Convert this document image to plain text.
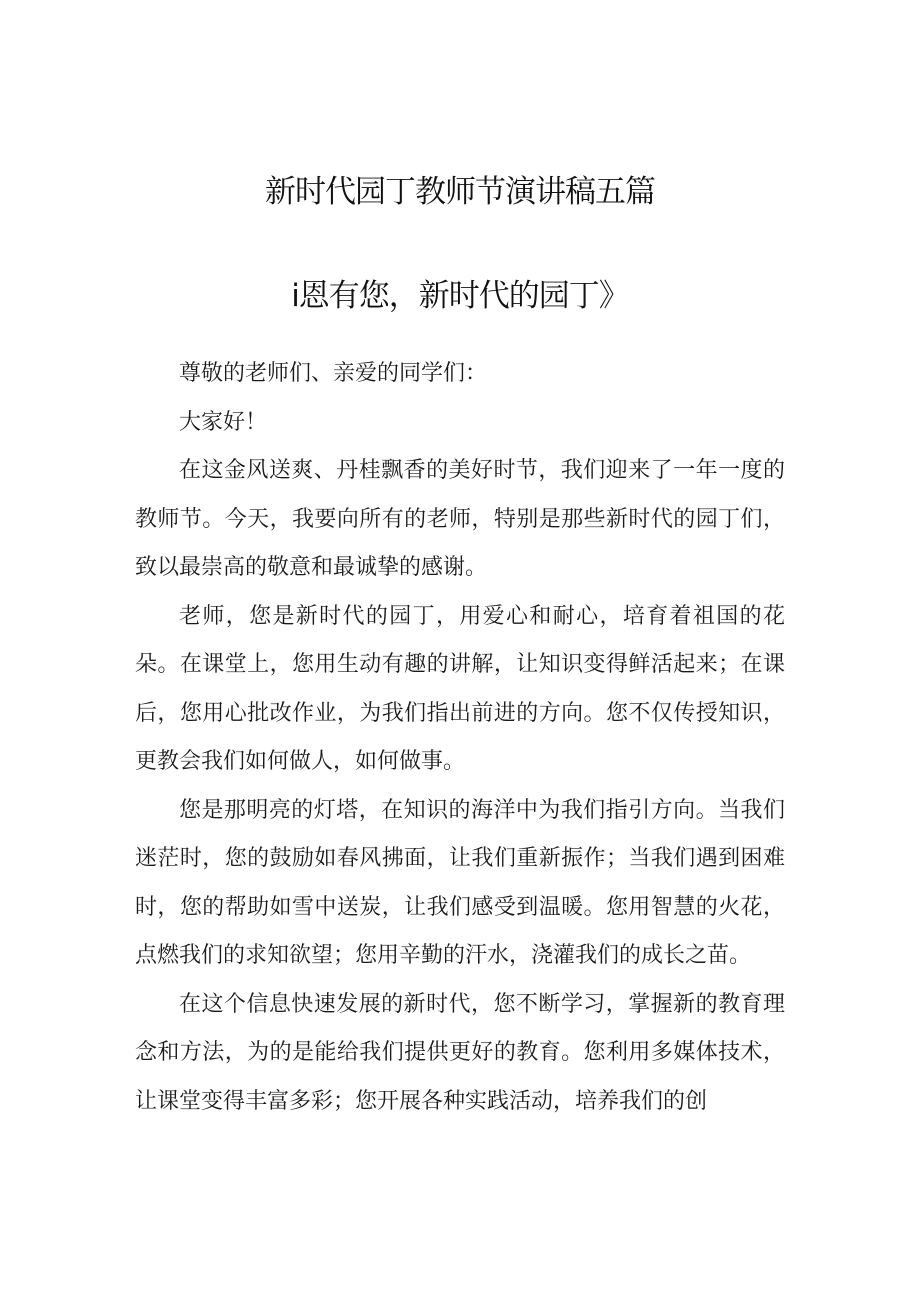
新时代园丁教师节演讲稿五篇
i恩有您，新时代的园丁》

尊敬的老师们、亲爱的同学们：

大家好！

在这金风送爽、丹桂飘香的美好时节，我们迎来了一年一度的教师节。今天，我要向所有的老师，特别是那些新时代的园丁们，致以最崇高的敬意和最诚挚的感谢。

老师，您是新时代的园丁，用爱心和耐心，培育着祖国的花朵。在课堂上，您用生动有趣的讲解，让知识变得鲜活起来；在课后，您用心批改作业，为我们指出前进的方向。您不仅传授知识，更教会我们如何做人，如何做事。

您是那明亮的灯塔，在知识的海洋中为我们指引方向。当我们迷茫时，您的鼓励如春风拂面，让我们重新振作；当我们遇到困难时，您的帮助如雪中送炭，让我们感受到温暖。您用智慧的火花，点燃我们的求知欲望；您用辛勤的汗水，浇灌我们的成长之苗。

在这个信息快速发展的新时代，您不断学习，掌握新的教育理念和方法，为的是能给我们提供更好的教育。您利用多媒体技术，让课堂变得丰富多彩；您开展各种实践活动，培养我们的创
